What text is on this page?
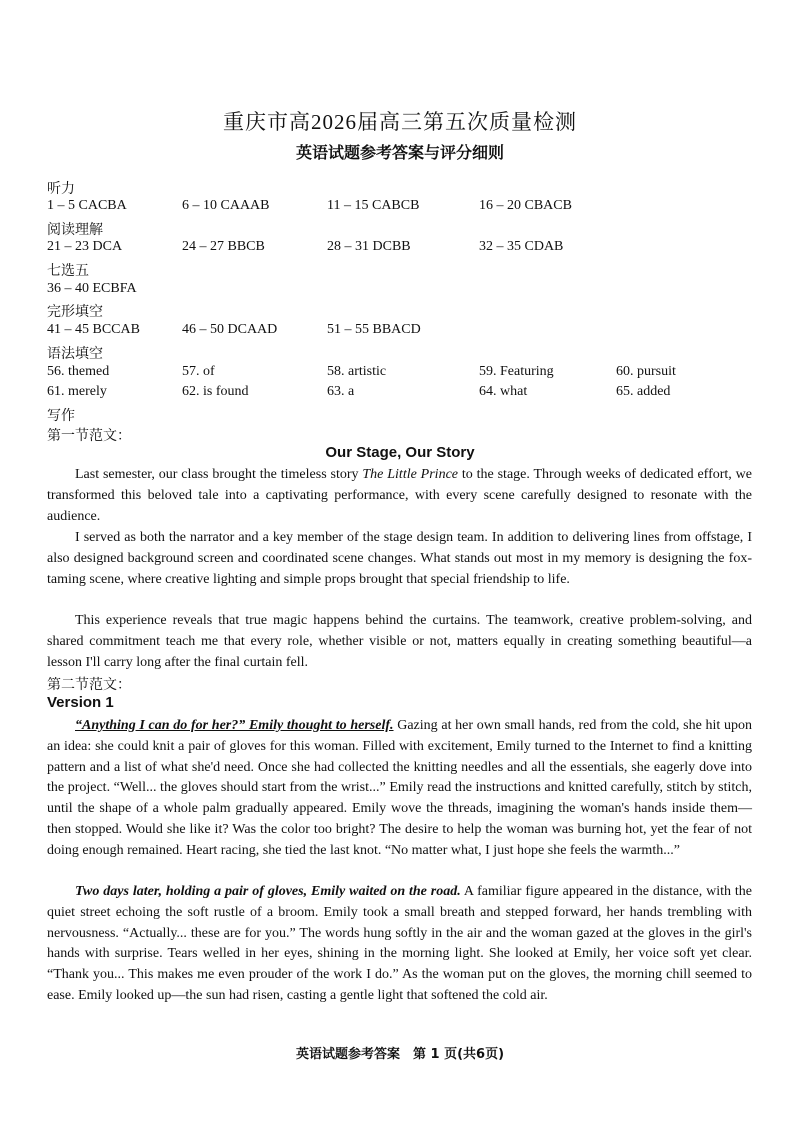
重庆市高2026届高三第五次质量检测
英语试题参考答案与评分细则
听力
1 – 5 CACBA	6 – 10 CAAAB	11 – 15 CABCB	16 – 20 CBACB
阅读理解
21 – 23 DCA	24 – 27 BBCB	28 – 31 DCBB	32 – 35 CDAB
七选五
36 – 40 ECBFA
完形填空
41 – 45 BCCAB	46 – 50 DCAAD	51 – 55 BBACD
语法填空
56. themed	57. of	58. artistic	59. Featuring	60. pursuit
61. merely	62. is found	63. a	64. what	65. added
写作
第一节范文：
Our Stage, Our Story

Last semester, our class brought the timeless story The Little Prince to the stage. Through weeks of dedicated effort, we transformed this beloved tale into a captivating performance, with every scene carefully designed to resonate with the audience.

I served as both the narrator and a key member of the stage design team. In addition to delivering lines from offstage, I also designed background screen and coordinated scene changes. What stands out most in my memory is designing the fox-taming scene, where creative lighting and simple props brought that special friendship to life.

This experience reveals that true magic happens behind the curtains. The teamwork, creative problem-solving, and shared commitment teach me that every role, whether visible or not, matters equally in creating something beautiful—a lesson I'll carry long after the final curtain fell.

第二节范文：
Version 1

“Anything I can do for her?” Emily thought to herself. Gazing at her own small hands, red from the cold, she hit upon an idea: she could knit a pair of gloves for this woman. Filled with excitement, Emily turned to the Internet to find a knitting pattern and a list of what she'd need. Once she had collected the knitting needles and all the essentials, she eagerly dove into the project. “Well... the gloves should start from the wrist...” Emily read the instructions and knitted carefully, stitch by stitch, until the shape of a whole palm gradually appeared. Emily wove the threads, imagining the woman's hands inside them—then stopped. Would she like it? Was the color too bright? The desire to help the woman was burning hot, yet the fear of not doing enough remained. Heart racing, she tied the last knot. “No matter what, I just hope she feels the warmth...”

Two days later, holding a pair of gloves, Emily waited on the road. A familiar figure appeared in the distance, with the quiet street echoing the soft rustle of a broom. Emily took a small breath and stepped forward, her hands trembling with nervousness. “Actually... these are for you.” The words hung softly in the air and the woman gazed at the gloves in the girl's hands with surprise. Tears welled in her eyes, shining in the morning light. She looked at Emily, her voice soft yet clear. “Thank you... This makes me even prouder of the work I do.” As the woman put on the gloves, the morning chill seemed to ease. Emily looked up—the sun had risen, casting a gentle light that softened the cold air.

英语试题参考答案　第 1 页(共6页)
